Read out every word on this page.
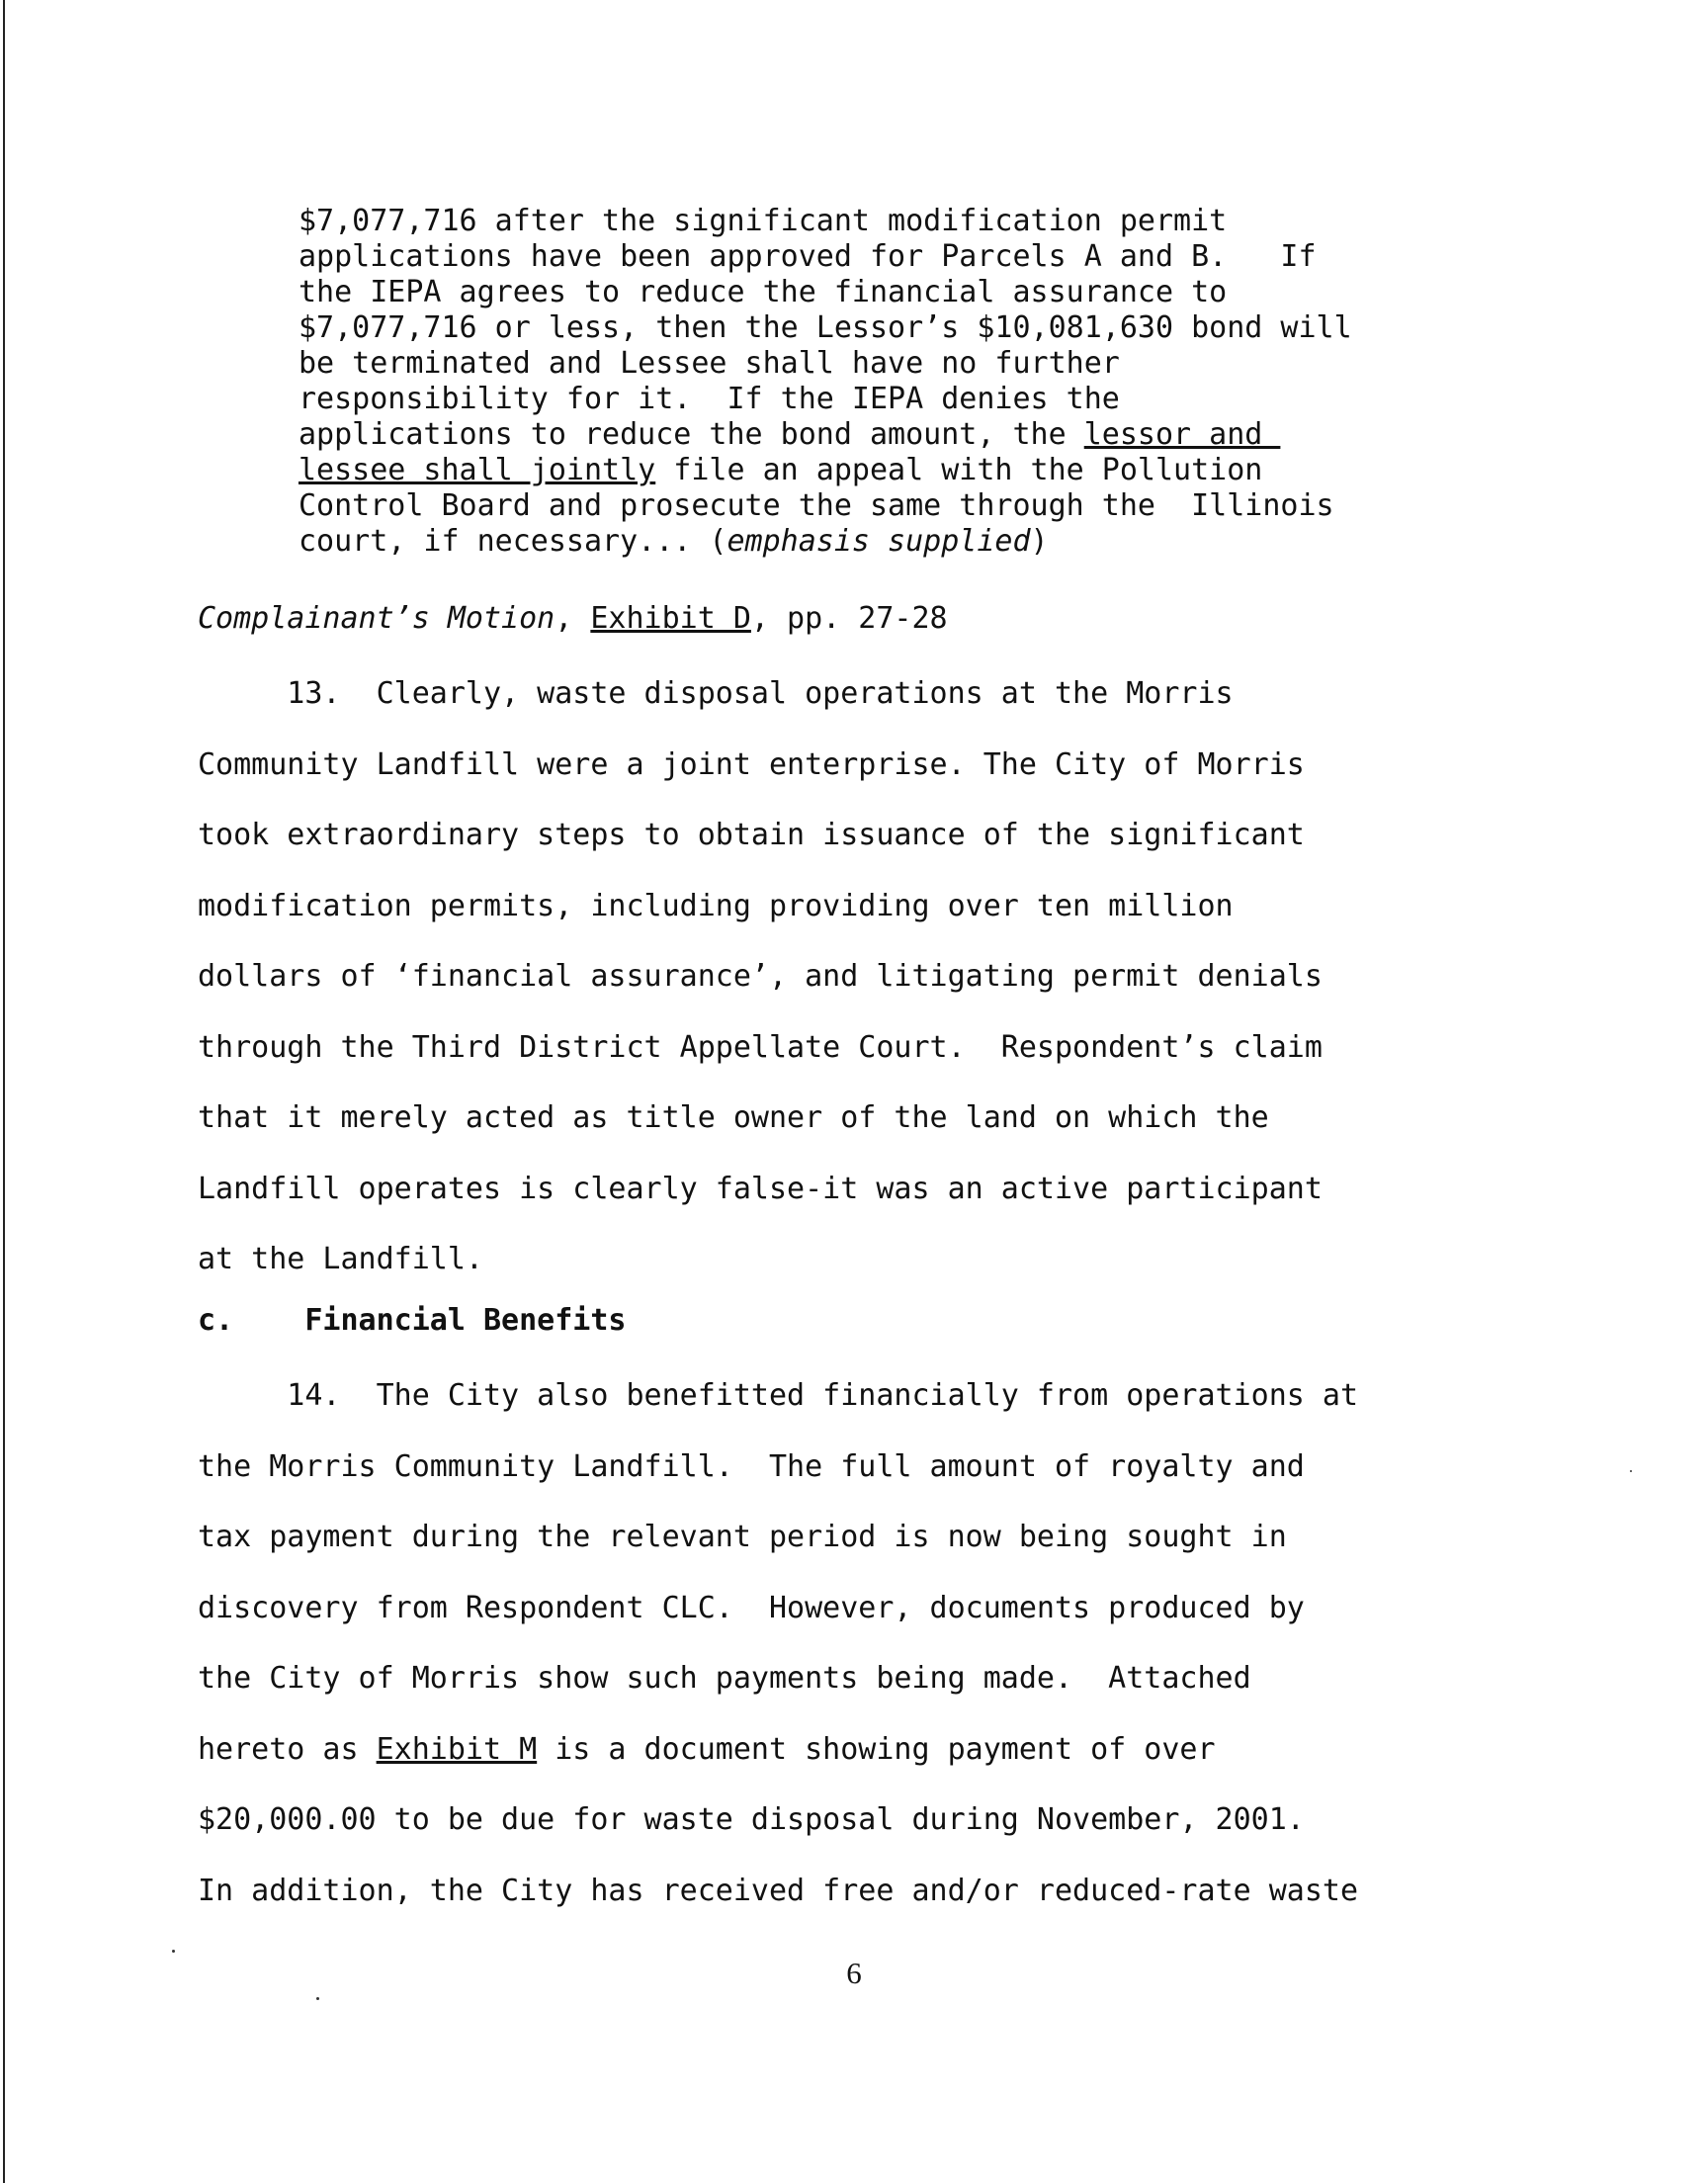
$7,077,716 after the significant modification permit
applications have been approved for Parcels A and B.   If
the IEPA agrees to reduce the financial assurance to
$7,077,716 or less, then the Lessor’s $10,081,630 bond will
be terminated and Lessee shall have no further
responsibility for it.  If the IEPA denies the
applications to reduce the bond amount, the lessor and
lessee shall jointly file an appeal with the Pollution
Control Board and prosecute the same through the  Illinois
court, if necessary... (emphasis supplied)
Complainant’s Motion, Exhibit D, pp. 27-28
13.  Clearly, waste disposal operations at the Morris
Community Landfill were a joint enterprise. The City of Morris
took extraordinary steps to obtain issuance of the significant
modification permits, including providing over ten million
dollars of ‘financial assurance’, and litigating permit denials
through the Third District Appellate Court.  Respondent’s claim
that it merely acted as title owner of the land on which the
Landfill operates is clearly false-it was an active participant
at the Landfill.
c. Financial Benefits
14.  The City also benefitted financially from operations at
the Morris Community Landfill.  The full amount of royalty and
tax payment during the relevant period is now being sought in
discovery from Respondent CLC.  However, documents produced by
the City of Morris show such payments being made.  Attached
hereto as Exhibit M is a document showing payment of over
$20,000.00 to be due for waste disposal during November, 2001.
In addition, the City has received free and/or reduced-rate waste
6
